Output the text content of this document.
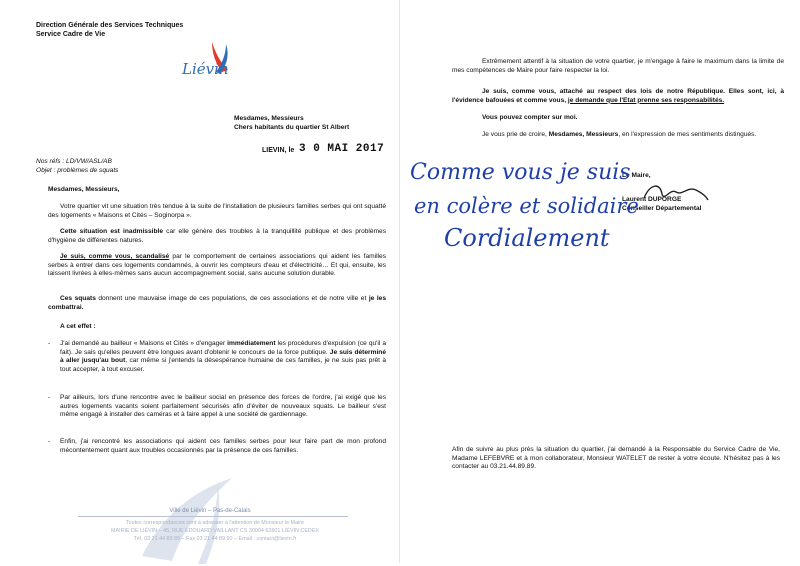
Direction Générale des Services Techniques
Service Cadre de Vie
Liévin
Mesdames, Messieurs
Chers habitants du quartier St Albert
LIEVIN, le 3 0 MAI 2017
Nos réfs : LD/VW/ASL/AB
Objet : problèmes de squats
Mesdames, Messieurs,

Votre quartier vit une situation très tendue à la suite de l'installation de plusieurs familles serbes qui ont squatté des logements « Maisons et Cités – Soginorpa ».

Cette situation est inadmissible car elle génère des troubles à la tranquillité publique et des problèmes d'hygiène de différentes natures.

Je suis, comme vous, scandalisé par le comportement de certaines associations qui aident les familles serbes à entrer dans ces logements condamnés, à ouvrir les compteurs d'eau et d'électricité… Et qui, ensuite, les laissent livrées à elles-mêmes sans aucun accompagnement social, sans aucune solution durable.

Ces squats donnent une mauvaise image de ces populations, de ces associations et de notre ville et je les combattrai.

A cet effet :
- J'ai demandé au bailleur « Maisons et Cités » d'engager immédiatement les procédures d'expulsion (ce qu'il a fait). Je sais qu'elles peuvent être longues avant d'obtenir le concours de la force publique. Je suis déterminé à aller jusqu'au bout, car même si j'entends la désespérance humaine de ces familles, je ne suis pas prêt à tout accepter, à tout excuser.

- Par ailleurs, lors d'une rencontre avec le bailleur social en présence des forces de l'ordre, j'ai exigé que les autres logements vacants soient parfaitement sécurisés afin d'éviter de nouveaux squats. Le bailleur s'est même engagé à installer des caméras et à faire appel à une société de gardiennage.

- Enfin, j'ai rencontré les associations qui aident ces familles serbes pour leur faire part de mon profond mécontentement quant aux troubles occasionnés par la présence de ces familles.

Ville de Liévin – Pas-de-Calais
Toutes correspondances sont à adresser à l'attention de Monsieur le Maire
MAIRIE DE LIÉVIN – 45, RUE EDOUARD VAILLANT CS 30004 62801 LIÉVIN CEDEX
Tél. 03 21 44 89 89 – Fax 03 21 44 89 90 – Email : contact@lievin.fr

Extrêmement attentif à la situation de votre quartier, je m'engage à faire le maximum dans la limite de mes compétences de Maire pour faire respecter la loi.

Je suis, comme vous, attaché au respect des lois de notre République. Elles sont, ici, à l'évidence bafouées et comme vous, je demande que l'Etat prenne ses responsabilités.

Vous pouvez compter sur moi.

Je vous prie de croire, Mesdames, Messieurs, en l'expression de mes sentiments distingués.

Le Maire,
Laurent DUPORGE
Conseiller Départemental
Comme vous je suis
en colère et solidaire
Cordialement

Afin de suivre au plus près la situation du quartier, j'ai demandé à la Responsable du Service Cadre de Vie, Madame LEFEBVRE et à mon collaborateur, Monsieur WATELET de rester à votre écoute. N'hésitez pas à les contacter au 03.21.44.89.89.
